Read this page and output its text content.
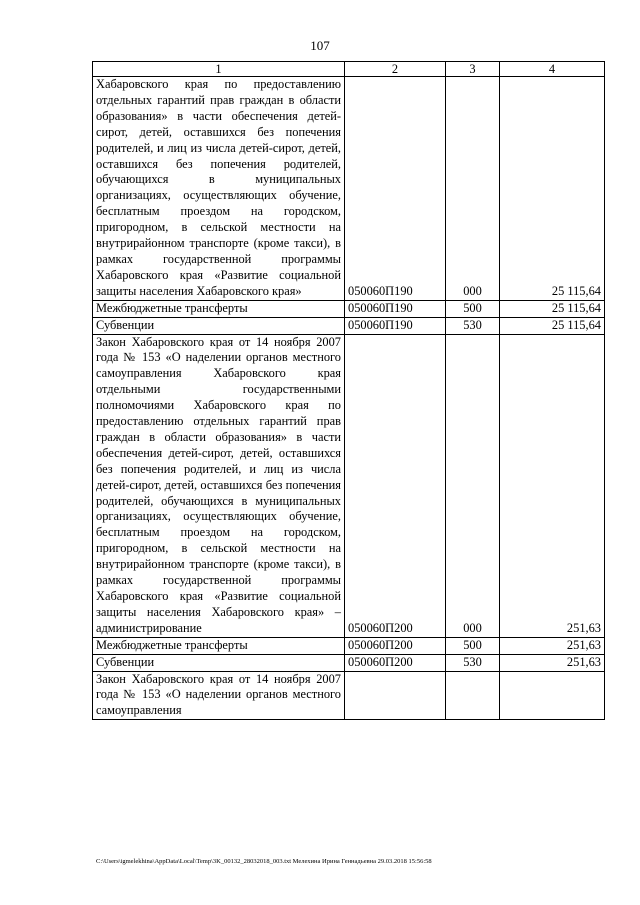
107
1	2	3	4
Хабаровского края по предоставлению отдельных гарантий прав граждан в области образования» в части обеспечения детей-сирот, детей, оставшихся без попечения родителей, и лиц из числа детей-сирот, детей, оставшихся без попечения родителей, обучающихся в муниципальных организациях, осуществляющих обучение, бесплатным проездом на городском, пригородном, в сельской местности на внутрирайонном транспорте (кроме такси), в рамках государственной программы Хабаровского края «Развитие социальной защиты населения Хабаровского края»	050060П190	000	25 115,64
Межбюджетные трансферты	050060П190	500	25 115,64
Субвенции	050060П190	530	25 115,64
Закон Хабаровского края от 14 ноября 2007 года № 153 «О наделении органов местного самоуправления Хабаровского края отдельными государственными полномочиями Хабаровского края по предоставлению отдельных гарантий прав граждан в области образования» в части обеспечения детей-сирот, детей, оставшихся без попечения родителей, и лиц из числа детей-сирот, детей, оставшихся без попечения родителей, обучающихся в муниципальных организациях, осуществляющих обучение, бесплатным проездом на городском, пригородном, в сельской местности на внутрирайонном транспорте (кроме такси), в рамках государственной программы Хабаровского края «Развитие социальной защиты населения Хабаровского края» – администрирование	050060П200	000	251,63
Межбюджетные трансферты	050060П200	500	251,63
Субвенции	050060П200	530	251,63
Закон Хабаровского края от 14 ноября 2007 года № 153 «О наделении органов местного самоуправления			
C:\Users\igmelekhina\AppData\Local\Temp\3K_00132_28032018_003.txt Мелехина Ирина Геннадьевна 29.03.2018 15:56:58
